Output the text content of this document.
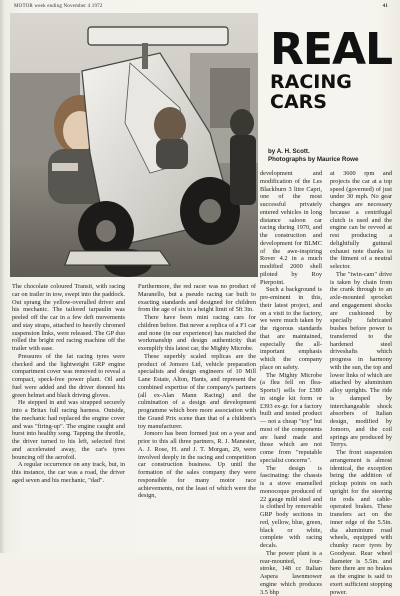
MOTOR week ending November 4 1972	41
REAL
RACING
CARS
by A. H. Scott.
Photographs by Maurice Rowe

The chocolate coloured Transit, with racing car on trailer in tow, swept into the paddock. Out sprang the yellow-overalled driver and his mechanic. The tailored tarpaulin was peeled off the car in a few deft movements and stay straps, attached to heavily chromed suspension links, were released. The GP duo rolled the bright red racing machine off the trailer with ease.

Pressures of the fat racing tyres were checked and the lightweight GRP engine compartment cover was removed to reveal a compact, speck-free power plant. Oil and fuel were added and the driver donned his green helmet and black driving gloves.

He stepped in and was strapped securely into a Britax full racing harness. Outside, the mechanic had replaced the engine cover and was "firing-up". The engine caught and burst into healthy song. Tapping the throttle, the driver turned to his left, selected first and accelerated away, the car's tyres bouncing off the aerofoil.

A regular occurrence on any track, but, in this instance, the car was a road, the driver aged seven and his mechanic, "dad".

Furthermore, the red racer was no product of Maranello, but a pseudo racing car built to exacting standards and designed for children from the age of six to a height limit of 5ft 3in.

There have been mini racing cars for children before. But never a replica of a F1 car and none (in our experience) has matched the workmanship and design authenticity that exemplify this latest car, the Mighty Microbe.

These superbly scaled replicas are the product of Jomoro Ltd, vehicle preparation specialists and design engineers of 10 Mill Lane Estate, Alton, Hants, and represent the combined expertise of the company's partners (all ex-Alan Mann Racing) and the culmination of a design and development programme which bore more association with the Grand Prix scene than that of a children's toy manufacturer.

Jomoro has been formed just on a year and prior to this all three partners, R. J. Manester, A. J. Rose, H. and J. T. Morgan, 29, were involved deeply in the racing and competition car construction business. Up until the formation of the sales company they were responsible for many motor race achievements, not the least of which were the design,

development and modification of the Les Blackburn 3 litre Capri, one of the most successful privately entered vehicles in long distance saloon car racing during 1970, and the construction and development for BLMC of the awe-inspiring Rover 4.2 in a much modified 2000 shell piloted by Roy Pierpoint.

Such a background is pre-eminent in this, their latest project, and on a visit to the factory, we were much taken by the rigorous standards that are maintained, especially the all-important emphasis which the company place on safety.

The Mighty Microbe (a flea fell on flea-Sports!) sells for £380 in single kit form or £393 ex-gr. for a factory built and tested product — not a cheap "toy" but most of the components are hand made and those which are not come from "reputable specialist concerns".

The design is fascinating: the chassis is a stove enamelled monocoque produced of 22 gauge mild steel and is clothed by removable GRP body sections in red, yellow, blue, green, black or white, complete with racing decals.

The power plant is a rear-mounted, four-stroke, 148 cc Italian Aspera lawnmower engine which produces 3.5 bhp

at 3600 rpm and projects the car at a top speed (governed) of just under 30 mph. No gear changes are necessary because a centrifugal clutch is used and the engine can be revved at rest producing a delightfully guttural exhaust note thanks to the fitment of a neutral selector.

The "twin-cam" drive is taken by chain from the crank through to an axle-mounted sprocket and engagement shocks are cushioned by specially fabricated bushes before power is transferred to the hardened steel driveshafts which progress in harmony with the sun, the top and lower links of which are attached by aluminium alloy uprights. The ride is damped by interchangeable shock absorbers of Italian design, modified by Jomoro, and the coil springs are produced by Terrys.

The front suspension arrangement is almost identical, the exception being the addition of pickup points on each upright for the steering tie rods and cable-operated brakes. These transfers act on the inner edge of the 5.5in. dia aluminium road wheels, equipped with chunky racer tyres by Goodyear. Rear wheel diameter is 5.5in. and here there are no brakes as the engine is said to exert sufficient stopping power.
